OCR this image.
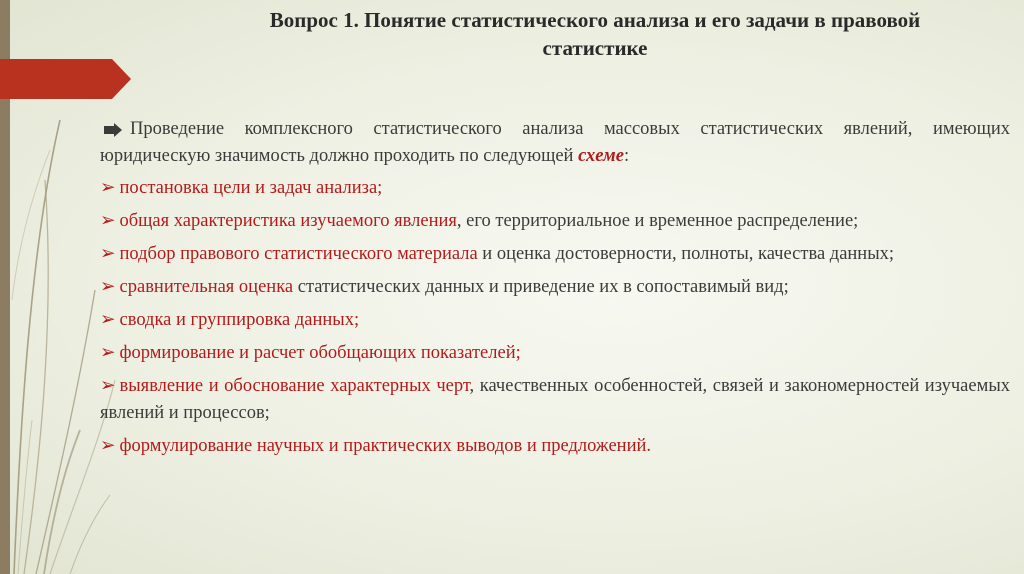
Вопрос 1. Понятие статистического анализа и его задачи в правовой
статистике

Проведение комплексного статистического анализа массовых статистических явлений, имеющих юридическую значимость должно проходить по следующей схеме:

➢ постановка цели и задач анализа;
➢ общая характеристика изучаемого явления, его территориальное и временное распределение;
➢ подбор правового статистического материала и оценка достоверности, полноты, качества данных;
➢ сравнительная оценка статистических данных и приведение их в сопоставимый вид;
➢ сводка и группировка данных;
➢ формирование и расчет обобщающих показателей;
➢ выявление и обоснование характерных черт, качественных особенностей, связей и закономерностей изучаемых явлений и процессов;
➢ формулирование научных и практических выводов и предложений.
